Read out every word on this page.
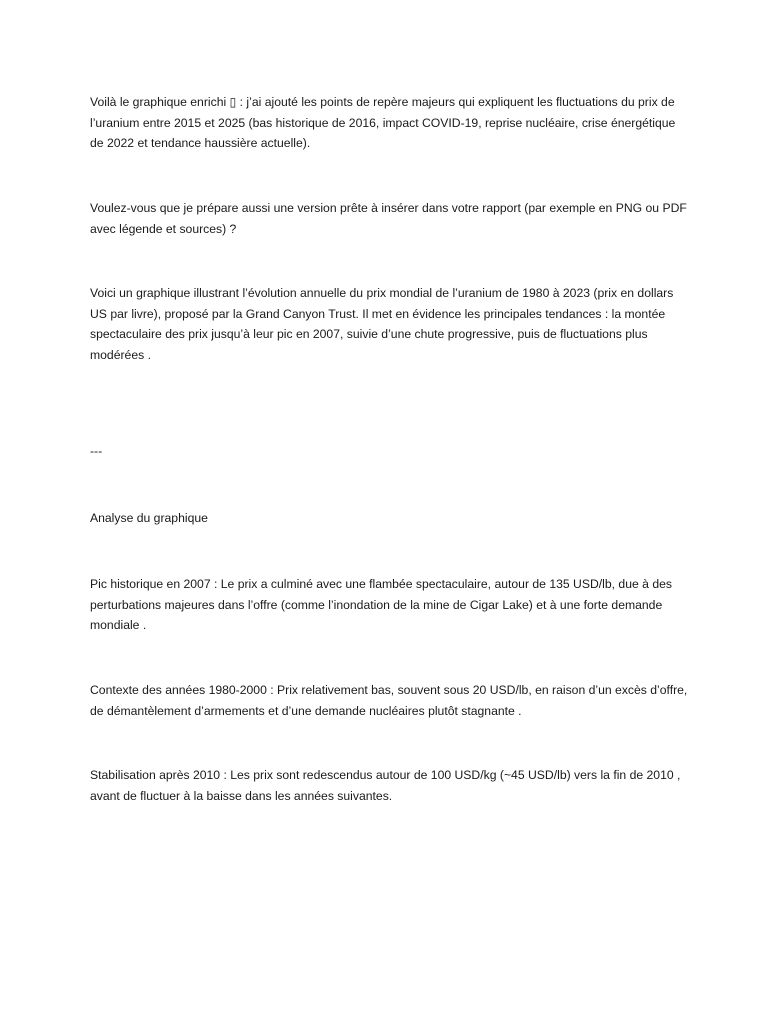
Voilà le graphique enrichi ▯ : j’ai ajouté les points de repère majeurs qui expliquent les fluctuations du prix de l’uranium entre 2015 et 2025 (bas historique de 2016, impact COVID-19, reprise nucléaire, crise énergétique de 2022 et tendance haussière actuelle).

Voulez-vous que je prépare aussi une version prête à insérer dans votre rapport (par exemple en PNG ou PDF avec légende et sources) ?

Voici un graphique illustrant l’évolution annuelle du prix mondial de l’uranium de 1980 à 2023 (prix en dollars US par livre), proposé par la Grand Canyon Trust. Il met en évidence les principales tendances : la montée spectaculaire des prix jusqu’à leur pic en 2007, suivie d’une chute progressive, puis de fluctuations plus modérées .

---

Analyse du graphique

Pic historique en 2007 : Le prix a culminé avec une flambée spectaculaire, autour de 135 USD/lb, due à des perturbations majeures dans l’offre (comme l’inondation de la mine de Cigar Lake) et à une forte demande mondiale .

Contexte des années 1980-2000 : Prix relativement bas, souvent sous 20 USD/lb, en raison d’un excès d’offre, de démantèlement d’armements et d’une demande nucléaires plutôt stagnante .

Stabilisation après 2010 : Les prix sont redescendus autour de 100 USD/kg (~45 USD/lb) vers la fin de 2010 , avant de fluctuer à la baisse dans les années suivantes.
